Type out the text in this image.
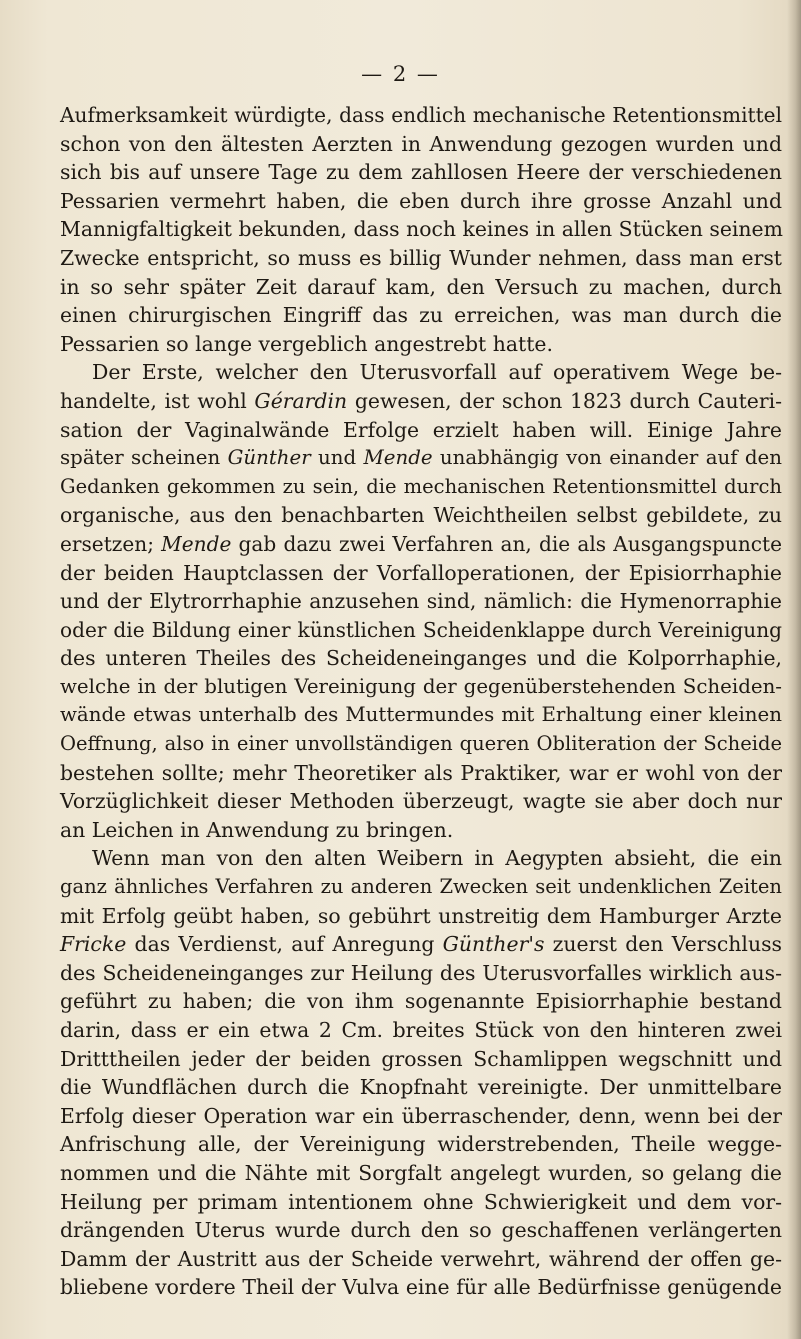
— 2 —
Aufmerksamkeit würdigte, dass endlich mechanische Retentionsmittel
schon von den ältesten Aerzten in Anwendung gezogen wurden und
sich bis auf unsere Tage zu dem zahllosen Heere der verschiedenen
Pessarien vermehrt haben, die eben durch ihre grosse Anzahl und
Mannigfaltigkeit bekunden, dass noch keines in allen Stücken seinem
Zwecke entspricht, so muss es billig Wunder nehmen, dass man erst
in so sehr später Zeit darauf kam, den Versuch zu machen, durch
einen chirurgischen Eingriff das zu erreichen, was man durch die
Pessarien so lange vergeblich angestrebt hatte.
Der Erste, welcher den Uterusvorfall auf operativem Wege be-
handelte, ist wohl Gérardin gewesen, der schon 1823 durch Cauteri-
sation der Vaginalwände Erfolge erzielt haben will. Einige Jahre
später scheinen Günther und Mende unabhängig von einander auf den
Gedanken gekommen zu sein, die mechanischen Retentionsmittel durch
organische, aus den benachbarten Weichtheilen selbst gebildete, zu
ersetzen; Mende gab dazu zwei Verfahren an, die als Ausgangspuncte
der beiden Hauptclassen der Vorfalloperationen, der Episiorrhaphie
und der Elytrorrhaphie anzusehen sind, nämlich: die Hymenorraphie
oder die Bildung einer künstlichen Scheidenklappe durch Vereinigung
des unteren Theiles des Scheideneinganges und die Kolporrhaphie,
welche in der blutigen Vereinigung der gegenüberstehenden Scheiden-
wände etwas unterhalb des Muttermundes mit Erhaltung einer kleinen
Oeffnung, also in einer unvollständigen queren Obliteration der Scheide
bestehen sollte; mehr Theoretiker als Praktiker, war er wohl von der
Vorzüglichkeit dieser Methoden überzeugt, wagte sie aber doch nur
an Leichen in Anwendung zu bringen.
Wenn man von den alten Weibern in Aegypten absieht, die ein
ganz ähnliches Verfahren zu anderen Zwecken seit undenklichen Zeiten
mit Erfolg geübt haben, so gebührt unstreitig dem Hamburger Arzte
Fricke das Verdienst, auf Anregung Günther's zuerst den Verschluss
des Scheideneinganges zur Heilung des Uterusvorfalles wirklich aus-
geführt zu haben; die von ihm sogenannte Episiorrhaphie bestand
darin, dass er ein etwa 2 Cm. breites Stück von den hinteren zwei
Dritttheilen jeder der beiden grossen Schamlippen wegschnitt und
die Wundflächen durch die Knopfnaht vereinigte. Der unmittelbare
Erfolg dieser Operation war ein überraschender, denn, wenn bei der
Anfrischung alle, der Vereinigung widerstrebenden, Theile wegge-
nommen und die Nähte mit Sorgfalt angelegt wurden, so gelang die
Heilung per primam intentionem ohne Schwierigkeit und dem vor-
drängenden Uterus wurde durch den so geschaffenen verlängerten
Damm der Austritt aus der Scheide verwehrt, während der offen ge-
bliebene vordere Theil der Vulva eine für alle Bedürfnisse genügende
